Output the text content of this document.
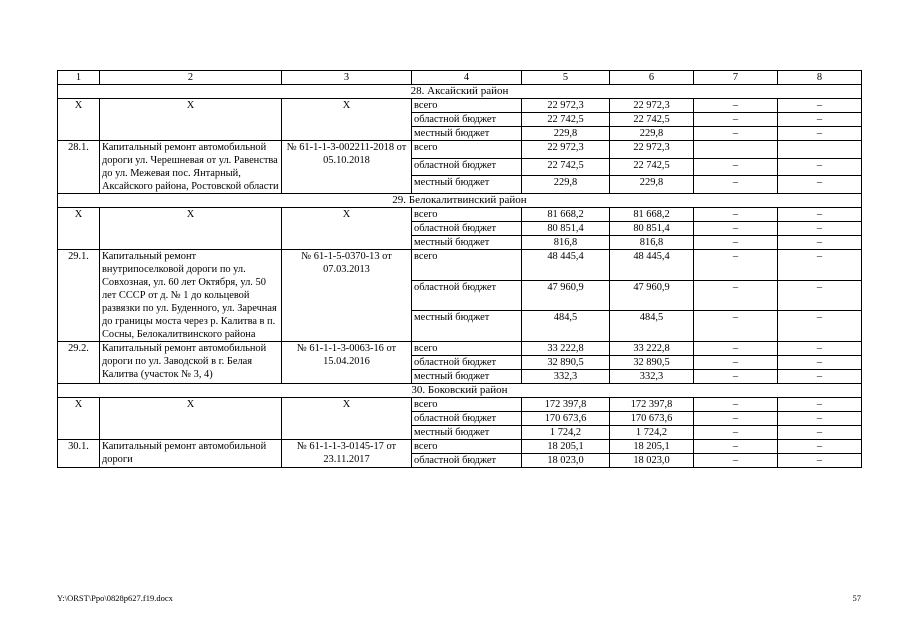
1	2	3	4	5	6	7	8
28. Аксайский район							
Х	Х	Х	всего	22 972,3	22 972,3	–	–
			областной бюджет	22 742,5	22 742,5	–	–
			местный бюджет	229,8	229,8	–	–
28.1.	Капитальный ремонт автомобильной дороги ул. Черешневая от ул. Равенства до ул. Межевая пос. Янтарный, Аксайского района, Ростовской области	№ 61-1-1-3-002211-2018 от 05.10.2018	всего	22 972,3	22 972,3		
			областной бюджет	22 742,5	22 742,5	–	–
			местный бюджет	229,8	229,8	–	–
29. Белокалитвинский район							
Х	Х	Х	всего	81 668,2	81 668,2	–	–
			областной бюджет	80 851,4	80 851,4	–	–
			местный бюджет	816,8	816,8	–	–
29.1.	Капитальный ремонт внутрипоселковой дороги по ул. Совхозная, ул. 60 лет Октября, ул. 50 лет СССР от д. № 1 до кольцевой развязки по ул. Буденного, ул. Заречная до границы моста через р. Калитва в п. Сосны, Белокалитвинского района	№ 61-1-5-0370-13 от 07.03.2013	всего	48 445,4	48 445,4	–	–
			областной бюджет	47 960,9	47 960,9	–	–
			местный бюджет	484,5	484,5	–	–
29.2.	Капитальный ремонт автомобильной дороги по ул. Заводской в г. Белая Калитва (участок № 3, 4)	№ 61-1-1-3-0063-16 от 15.04.2016	всего	33 222,8	33 222,8	–	–
			областной бюджет	32 890,5	32 890,5	–	–
			местный бюджет	332,3	332,3	–	–
30. Боковский район							
Х	Х	Х	всего	172 397,8	172 397,8	–	–
			областной бюджет	170 673,6	170 673,6	–	–
			местный бюджет	1 724,2	1 724,2	–	–
30.1.	Капитальный ремонт автомобильной дороги	№ 61-1-1-3-0145-17 от 23.11.2017	всего	18 205,1	18 205,1	–	–
			областной бюджет	18 023,0	18 023,0	–	–
Y:\ORST\Ppo\0828p627.f19.docx	57
